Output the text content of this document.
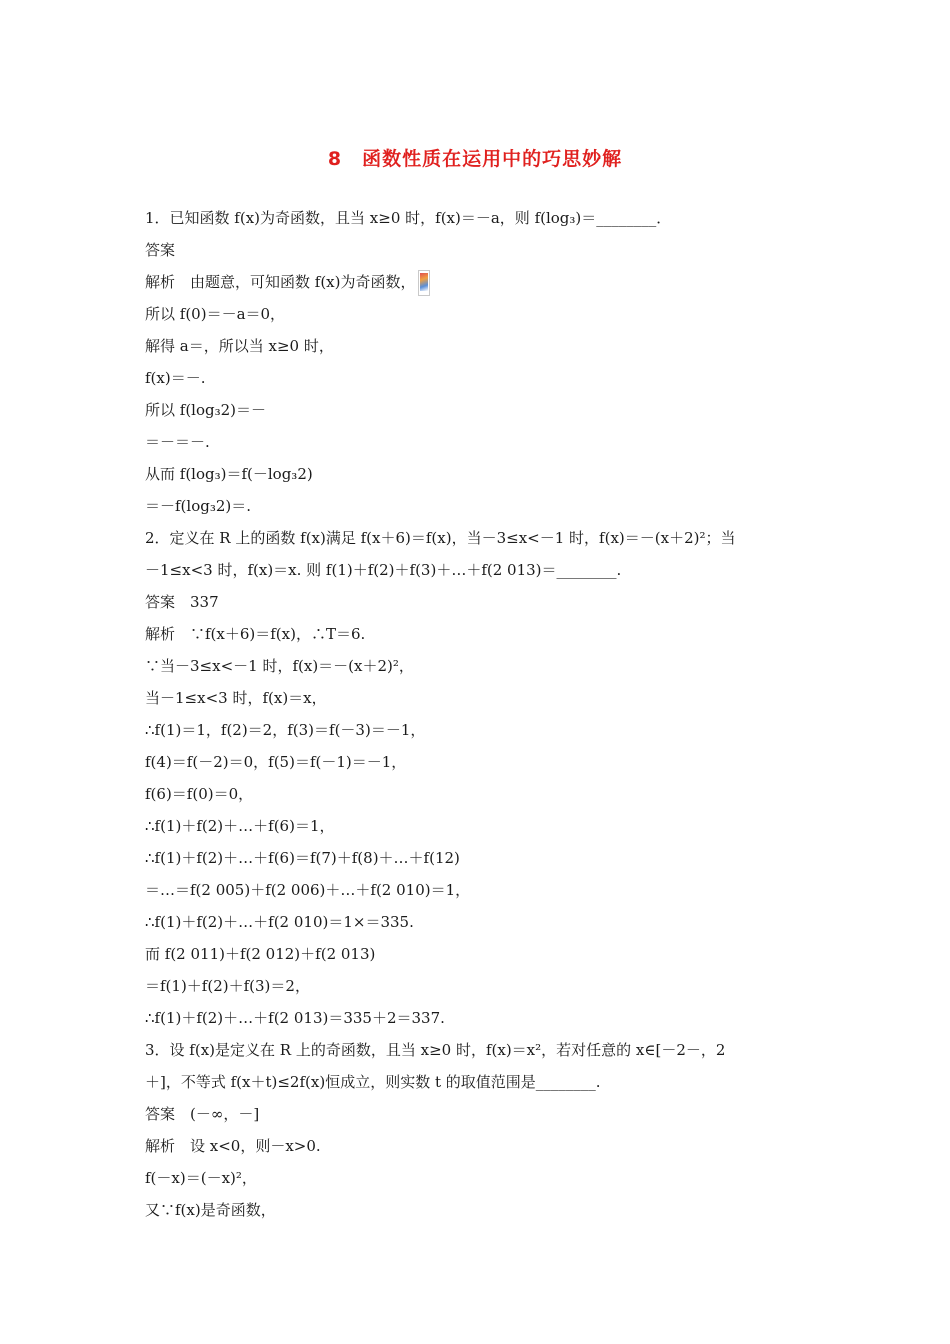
8　函数性质在运用中的巧思妙解
1．已知函数 f(x)为奇函数，且当 x≥0 时，f(x)＝－a，则 f(log₃)＝________．
答案
解析　由题意，可知函数 f(x)为奇函数，
所以 f(0)＝－a＝0，
解得 a＝，所以当 x≥0 时，
f(x)＝－.
所以 f(log₃2)＝－
＝－＝－.
从而 f(log₃)＝f(－log₃2)
＝－f(log₃2)＝.
2．定义在 R 上的函数 f(x)满足 f(x＋6)＝f(x)，当－3≤x<－1 时，f(x)＝－(x＋2)²；当
－1≤x<3 时，f(x)＝x. 则 f(1)＋f(2)＋f(3)＋…＋f(2 013)＝________.
答案　337
解析　∵f(x＋6)＝f(x)，∴T＝6.
∵当－3≤x<－1 时，f(x)＝－(x＋2)²，
当－1≤x<3 时，f(x)＝x，
∴f(1)＝1，f(2)＝2，f(3)＝f(－3)＝－1，
f(4)＝f(－2)＝0，f(5)＝f(－1)＝－1，
f(6)＝f(0)＝0，
∴f(1)＋f(2)＋…＋f(6)＝1，
∴f(1)＋f(2)＋…＋f(6)＝f(7)＋f(8)＋…＋f(12)
＝…＝f(2 005)＋f(2 006)＋…＋f(2 010)＝1，
∴f(1)＋f(2)＋…＋f(2 010)＝1×＝335.
而 f(2 011)＋f(2 012)＋f(2 013)
＝f(1)＋f(2)＋f(3)＝2，
∴f(1)＋f(2)＋…＋f(2 013)＝335＋2＝337.
3．设 f(x)是定义在 R 上的奇函数，且当 x≥0 时，f(x)＝x²，若对任意的 x∈[－2－，2
＋]，不等式 f(x＋t)≤2f(x)恒成立，则实数 t 的取值范围是________.
答案　(－∞，－]
解析　设 x<0，则－x>0.
f(－x)＝(－x)²，
又∵f(x)是奇函数，
